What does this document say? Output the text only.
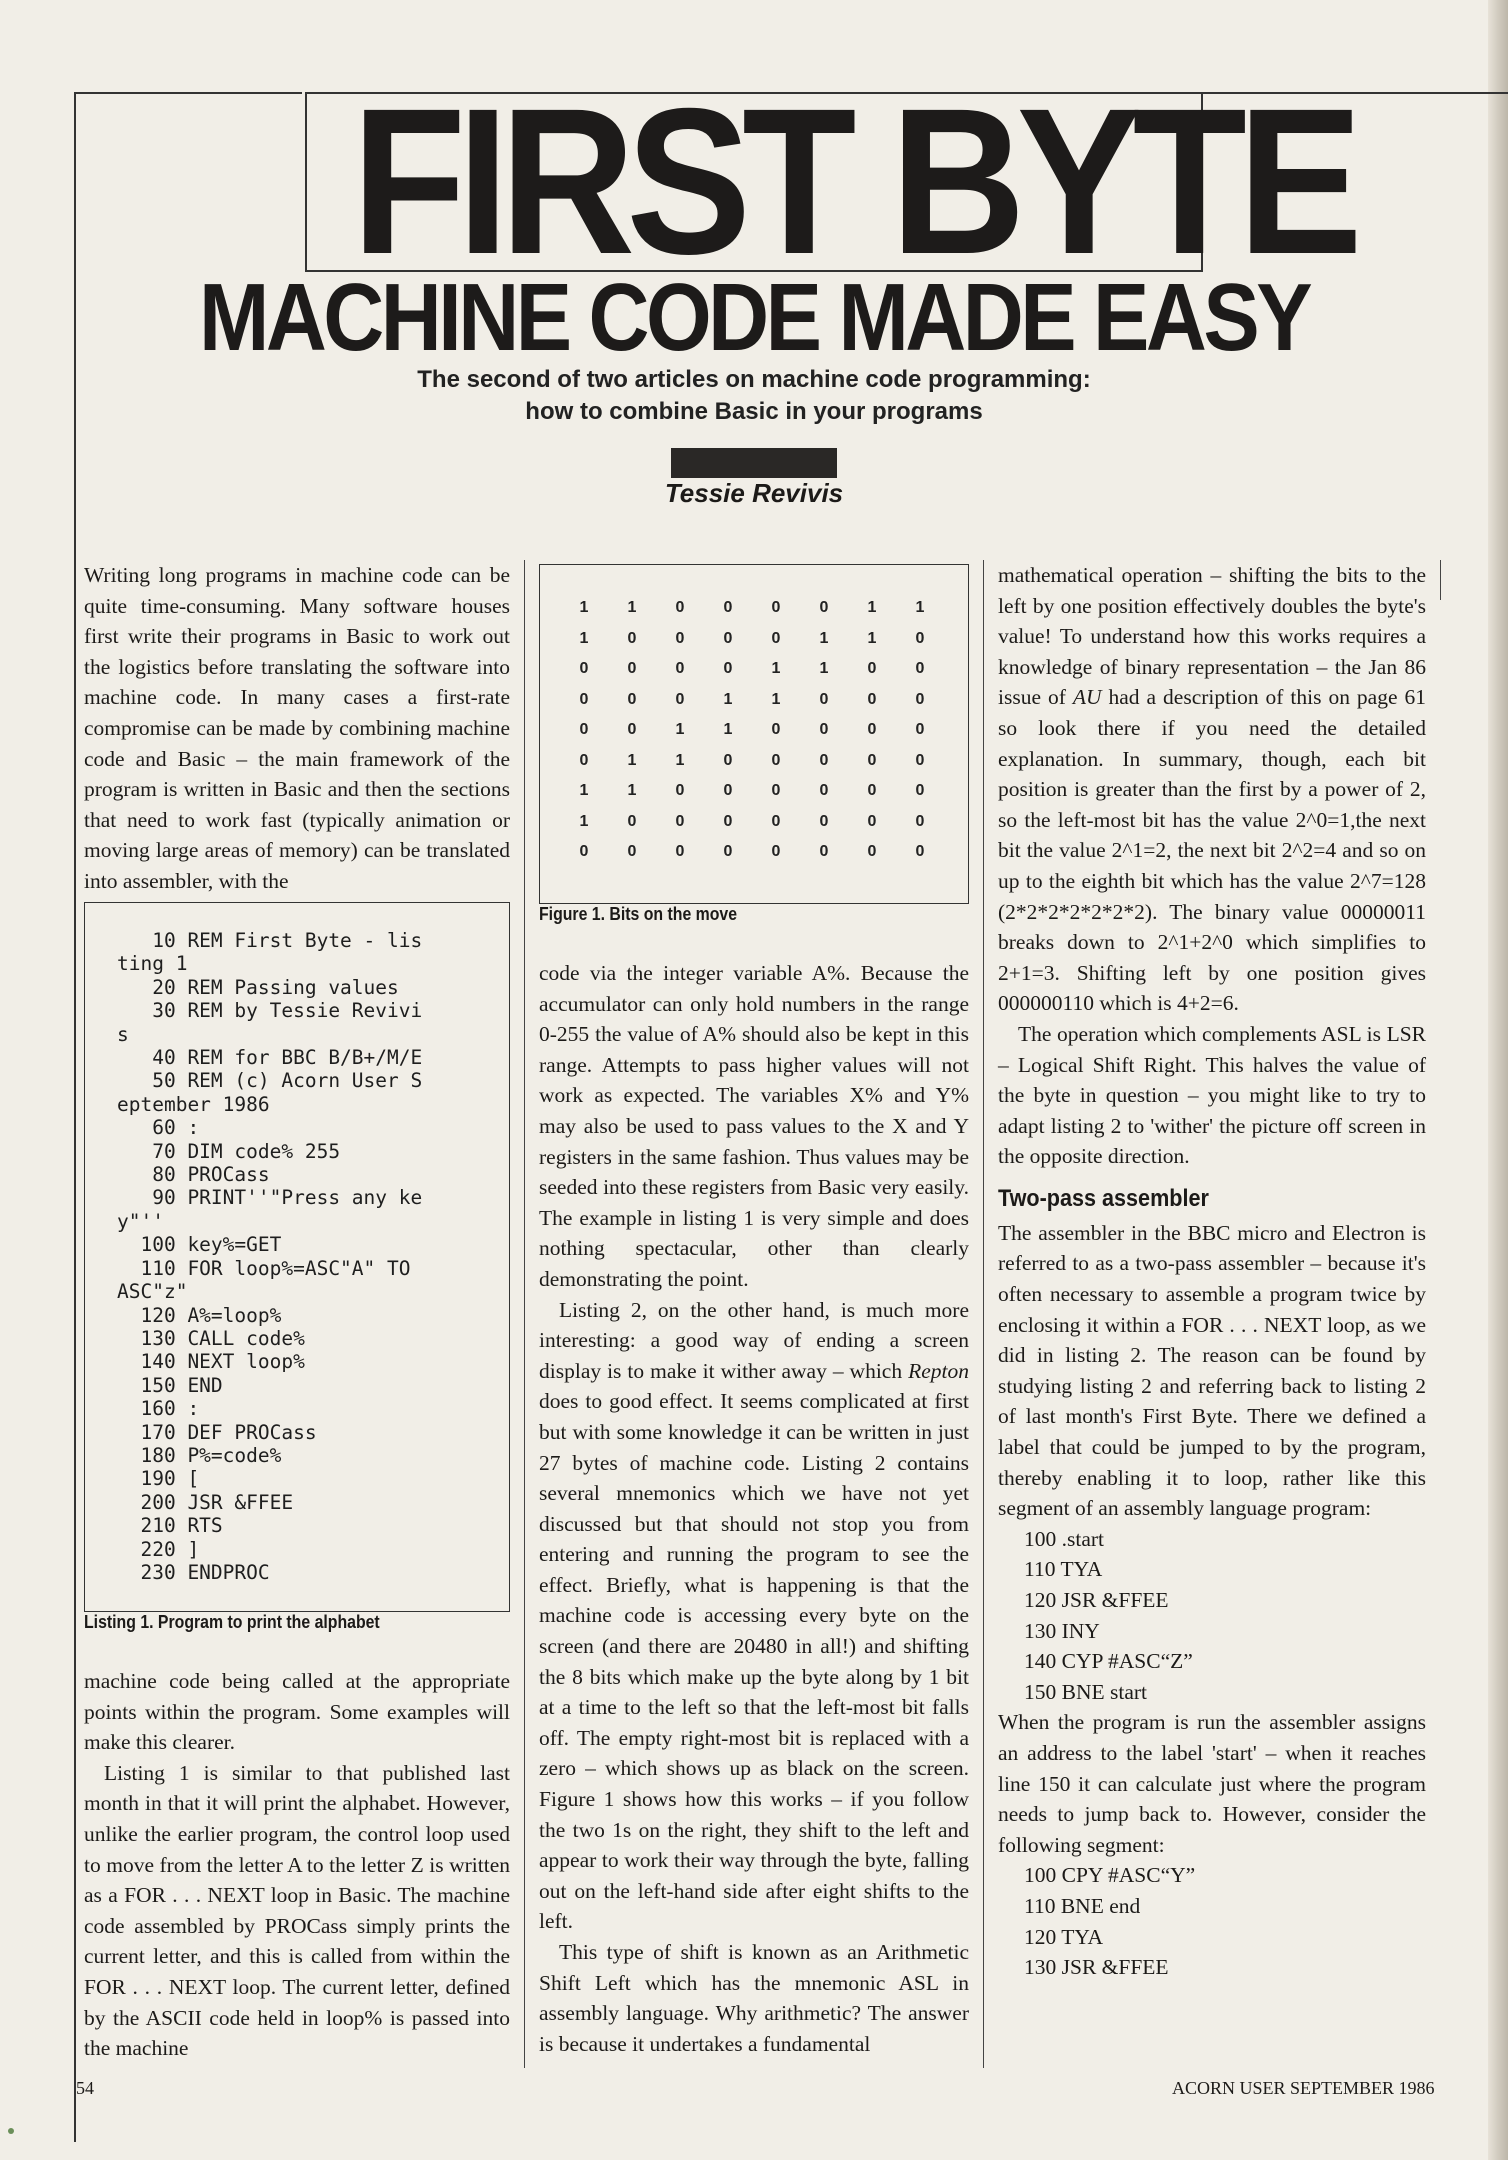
FIRST BYTE
MACHINE CODE MADE EASY
The second of two articles on machine code programming:
how to combine Basic in your programs
Tessie Revivis

Writing long programs in machine code can be quite time-consuming. Many software houses first write their programs in Basic to work out the logistics before translating the software into machine code. In many cases a first-rate compromise can be made by combining machine code and Basic – the main framework of the program is written in Basic and then the sections that need to work fast (typically animation or moving large areas of memory) can be translated into assembler, with the

10 REM First Byte - lis
ting 1
20 REM Passing values
30 REM by Tessie Revivi
s
40 REM for BBC B/B+/M/E
50 REM (c) Acorn User S
eptember 1986
60 :
70 DIM code% 255
80 PROCass
90 PRINT''"Press any ke
y"''
100 key%=GET
110 FOR loop%=ASC"A" TO
ASC"z"
120 A%=loop%
130 CALL code%
140 NEXT loop%
150 END
160 :
170 DEF PROCass
180 P%=code%
190 [
200 JSR &FFEE
210 RTS
220 ]
230 ENDPROC
Listing 1. Program to print the alphabet

machine code being called at the appropriate points within the program. Some examples will make this clearer.

Listing 1 is similar to that published last month in that it will print the alphabet. However, unlike the earlier program, the control loop used to move from the letter A to the letter Z is written as a FOR . . . NEXT loop in Basic. The machine code assembled by PROCass simply prints the current letter, and this is called from within the FOR . . . NEXT loop. The current letter, defined by the ASCII code held in loop% is passed into the machine

1	1	0	0	0	0	1	1
1	0	0	0	0	1	1	0
0	0	0	0	1	1	0	0
0	0	0	1	1	0	0	0
0	0	1	1	0	0	0	0
0	1	1	0	0	0	0	0
1	1	0	0	0	0	0	0
1	0	0	0	0	0	0	0
0	0	0	0	0	0	0	0
Figure 1. Bits on the move

code via the integer variable A%. Because the accumulator can only hold numbers in the range 0-255 the value of A% should also be kept in this range. Attempts to pass higher values will not work as expected. The variables X% and Y% may also be used to pass values to the X and Y registers in the same fashion. Thus values may be seeded into these registers from Basic very easily. The example in listing 1 is very simple and does nothing spectacular, other than clearly demonstrating the point.

Listing 2, on the other hand, is much more interesting: a good way of ending a screen display is to make it wither away – which Repton does to good effect. It seems complicated at first but with some knowledge it can be written in just 27 bytes of machine code. Listing 2 contains several mnemonics which we have not yet discussed but that should not stop you from entering and running the program to see the effect. Briefly, what is happening is that the machine code is accessing every byte on the screen (and there are 20480 in all!) and shifting the 8 bits which make up the byte along by 1 bit at a time to the left so that the left-most bit falls off. The empty right-most bit is replaced with a zero – which shows up as black on the screen. Figure 1 shows how this works – if you follow the two 1s on the right, they shift to the left and appear to work their way through the byte, falling out on the left-hand side after eight shifts to the left.

This type of shift is known as an Arithmetic Shift Left which has the mnemonic ASL in assembly language. Why arithmetic? The answer is because it undertakes a fundamental

mathematical operation – shifting the bits to the left by one position effectively doubles the byte's value! To understand how this works requires a knowledge of binary representation – the Jan 86 issue of AU had a description of this on page 61 so look there if you need the detailed explanation. In summary, though, each bit position is greater than the first by a power of 2, so the left-most bit has the value 2^0=1,the next bit the value 2^1=2, the next bit 2^2=4 and so on up to the eighth bit which has the value 2^7=128 (2*2*2*2*2*2*2). The binary value 00000011 breaks down to 2^1+2^0 which simplifies to 2+1=3. Shifting left by one position gives 000000110 which is 4+2=6.

The operation which complements ASL is LSR – Logical Shift Right. This halves the value of the byte in question – you might like to try to adapt listing 2 to 'wither' the picture off screen in the opposite direction.

Two-pass assembler

The assembler in the BBC micro and Electron is referred to as a two-pass assembler – because it's often necessary to assemble a program twice by enclosing it within a FOR . . . NEXT loop, as we did in listing 2. The reason can be found by studying listing 2 and referring back to listing 2 of last month's First Byte. There we defined a label that could be jumped to by the program, thereby enabling it to loop, rather like this segment of an assembly language program:

100 .start

110 TYA

120 JSR &FFEE

130 INY

140 CYP #ASC“Z”

150 BNE start

When the program is run the assembler assigns an address to the label 'start' – when it reaches line 150 it can calculate just where the program needs to jump back to. However, consider the following segment:

100 CPY #ASC“Y”

110 BNE end

120 TYA

130 JSR &FFEE

54	ACORN USER SEPTEMBER 1986
